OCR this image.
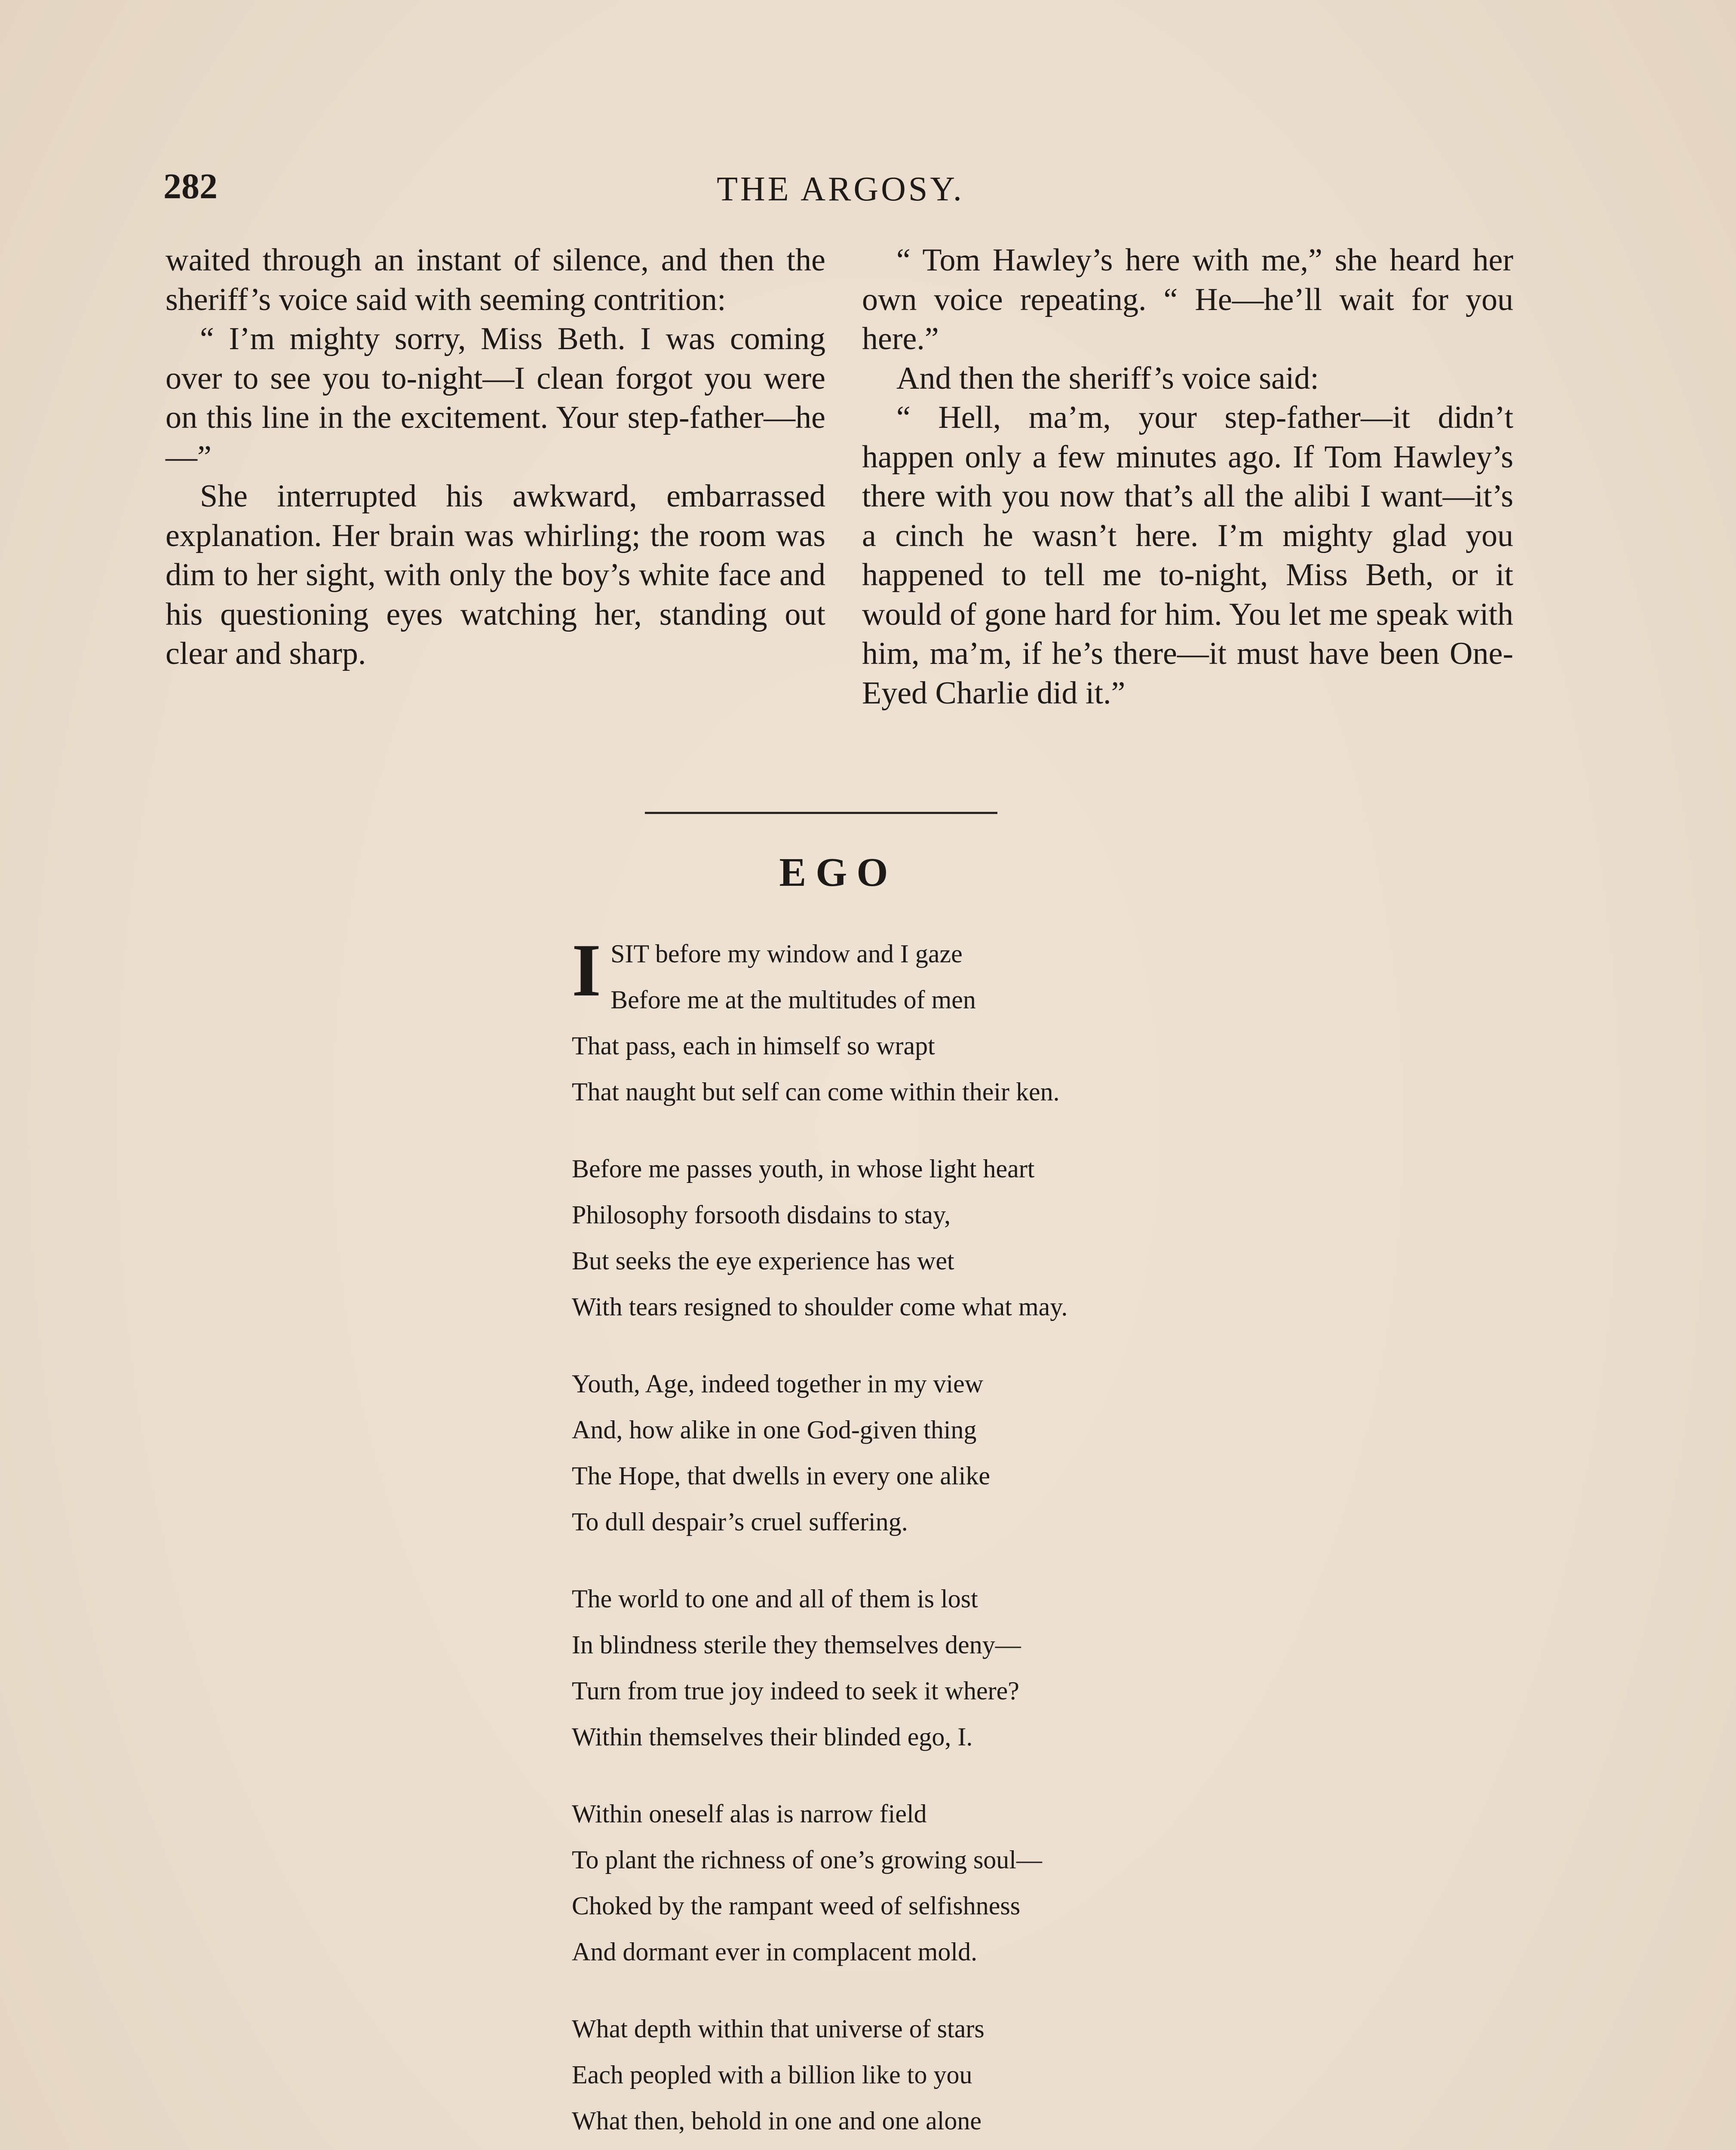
282	THE ARGOSY.

waited through an instant of silence, and then the sheriff’s voice said with seeming contrition:

“ I’m mighty sorry, Miss Beth. I was coming over to see you to-night—I clean forgot you were on this line in the excitement. Your step-father—he—”

She interrupted his awkward, embarrassed explanation. Her brain was whirling; the room was dim to her sight, with only the boy’s white face and his questioning eyes watching her, standing out clear and sharp.

“ Tom Hawley’s here with me,” she heard her own voice repeating. “ He—he’ll wait for you here.”

And then the sheriff’s voice said:

“ Hell, ma’m, your step-father—it didn’t happen only a few minutes ago. If Tom Hawley’s there with you now that’s all the alibi I want—it’s a cinch he wasn’t here. I’m mighty glad you happened to tell me to-night, Miss Beth, or it would of gone hard for him. You let me speak with him, ma’m, if he’s there—it must have been One-Eyed Charlie did it.”

EGO
I SIT before my window and I gaze
Before me at the multitudes of men
That pass, each in himself so wrapt
That naught but self can come within their ken.
Before me passes youth, in whose light heart
Philosophy forsooth disdains to stay,
But seeks the eye experience has wet
With tears resigned to shoulder come what may.
Youth, Age, indeed together in my view
And, how alike in one God-given thing
The Hope, that dwells in every one alike
To dull despair’s cruel suffering.
The world to one and all of them is lost
In blindness sterile they themselves deny—
Turn from true joy indeed to seek it where?
Within themselves their blinded ego, I.
Within oneself alas is narrow field
To plant the richness of one’s growing soul—
Choked by the rampant weed of selfishness
And dormant ever in complacent mold.
What depth within that universe of stars
Each peopled with a billion like to you
What then, behold in one and one alone
